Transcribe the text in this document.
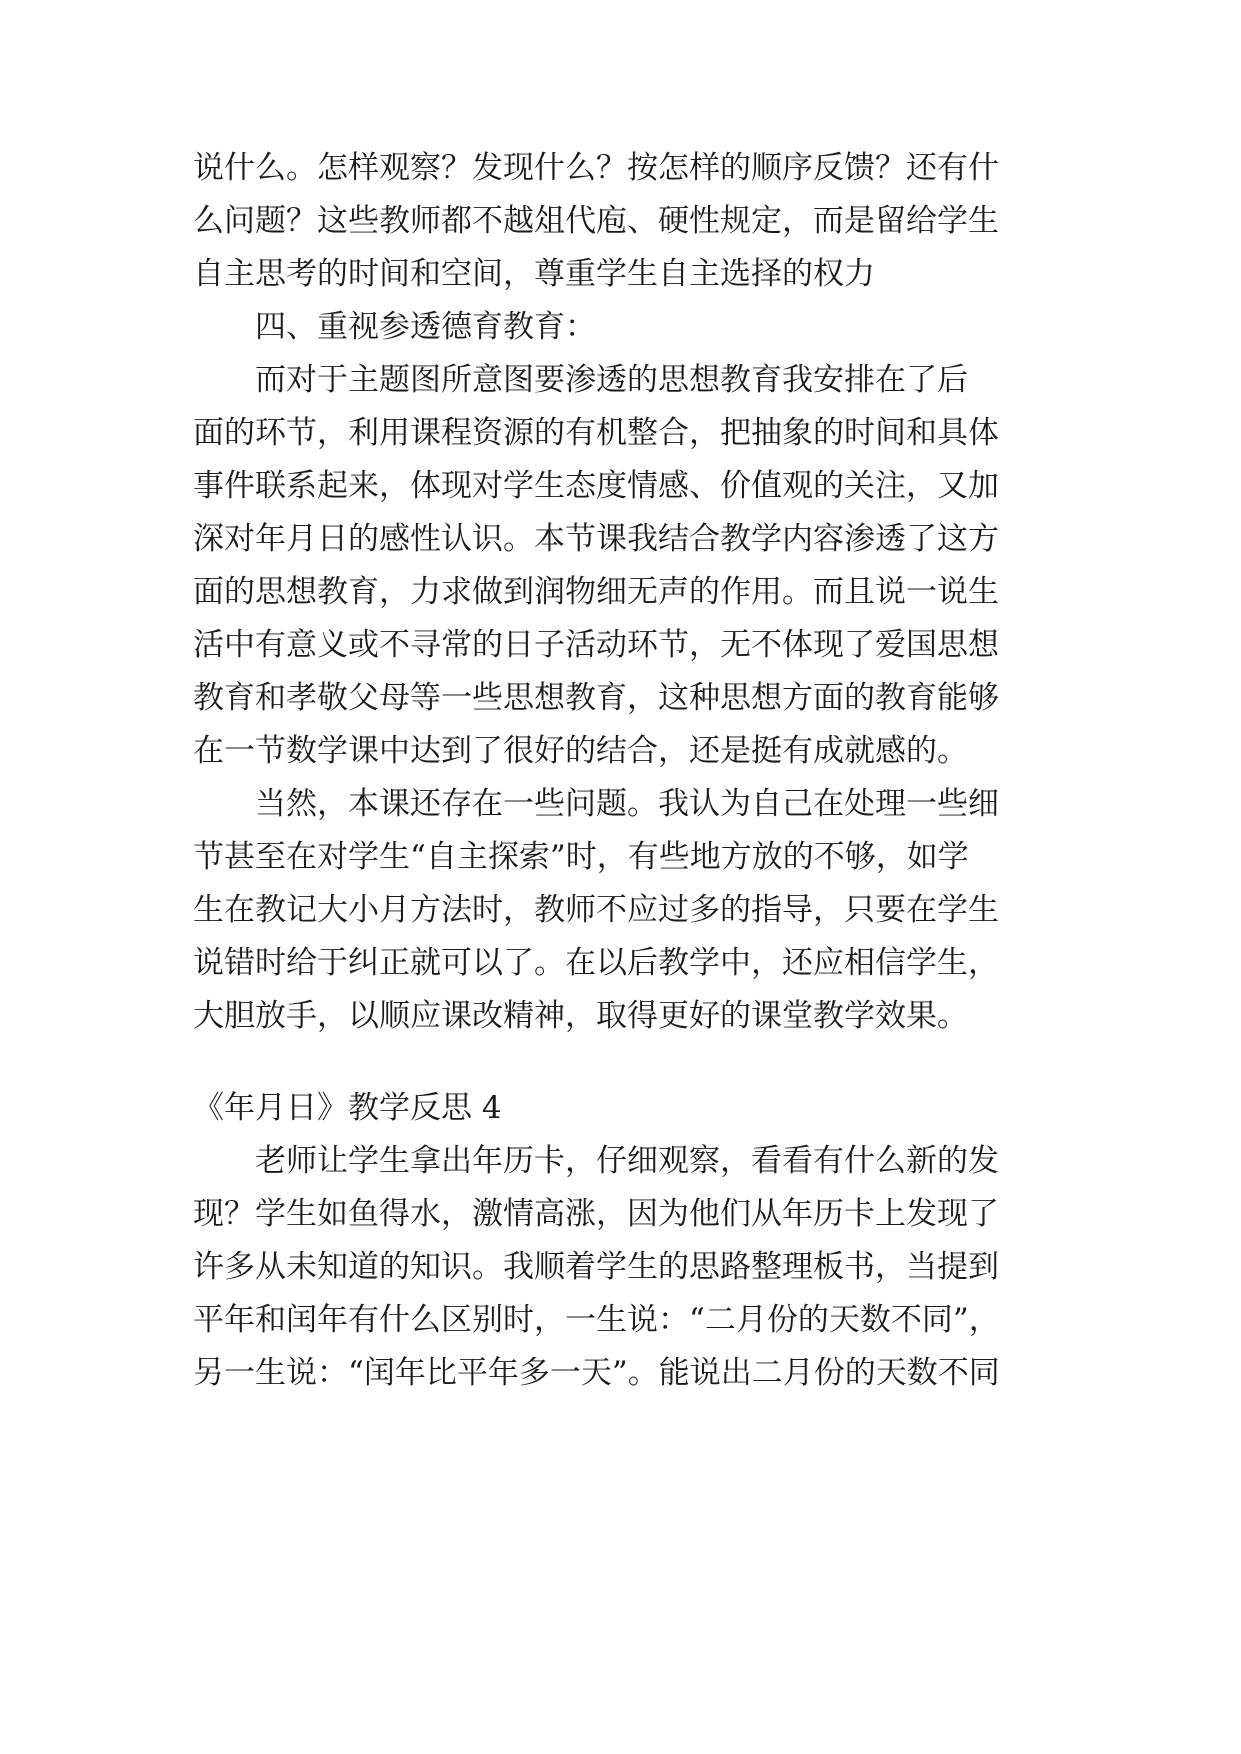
说什么。怎样观察？发现什么？按怎样的顺序反馈？还有什
么问题？这些教师都不越俎代庖、硬性规定，而是留给学生
自主思考的时间和空间，尊重学生自主选择的权力
四、重视参透德育教育：
而对于主题图所意图要渗透的思想教育我安排在了后
面的环节，利用课程资源的有机整合，把抽象的时间和具体
事件联系起来，体现对学生态度情感、价值观的关注，又加
深对年月日的感性认识。本节课我结合教学内容渗透了这方
面的思想教育，力求做到润物细无声的作用。而且说一说生
活中有意义或不寻常的日子活动环节，无不体现了爱国思想
教育和孝敬父母等一些思想教育，这种思想方面的教育能够
在一节数学课中达到了很好的结合，还是挺有成就感的。
当然，本课还存在一些问题。我认为自己在处理一些细
节甚至在对学生“自主探索”时，有些地方放的不够，如学
生在教记大小月方法时，教师不应过多的指导，只要在学生
说错时给于纠正就可以了。在以后教学中，还应相信学生，
大胆放手，以顺应课改精神，取得更好的课堂教学效果。
《年月日》教学反思 4
老师让学生拿出年历卡，仔细观察，看看有什么新的发
现？学生如鱼得水，激情高涨，因为他们从年历卡上发现了
许多从未知道的知识。我顺着学生的思路整理板书，当提到
平年和闰年有什么区别时，一生说：“二月份的天数不同”，
另一生说：“闰年比平年多一天”。能说出二月份的天数不同
